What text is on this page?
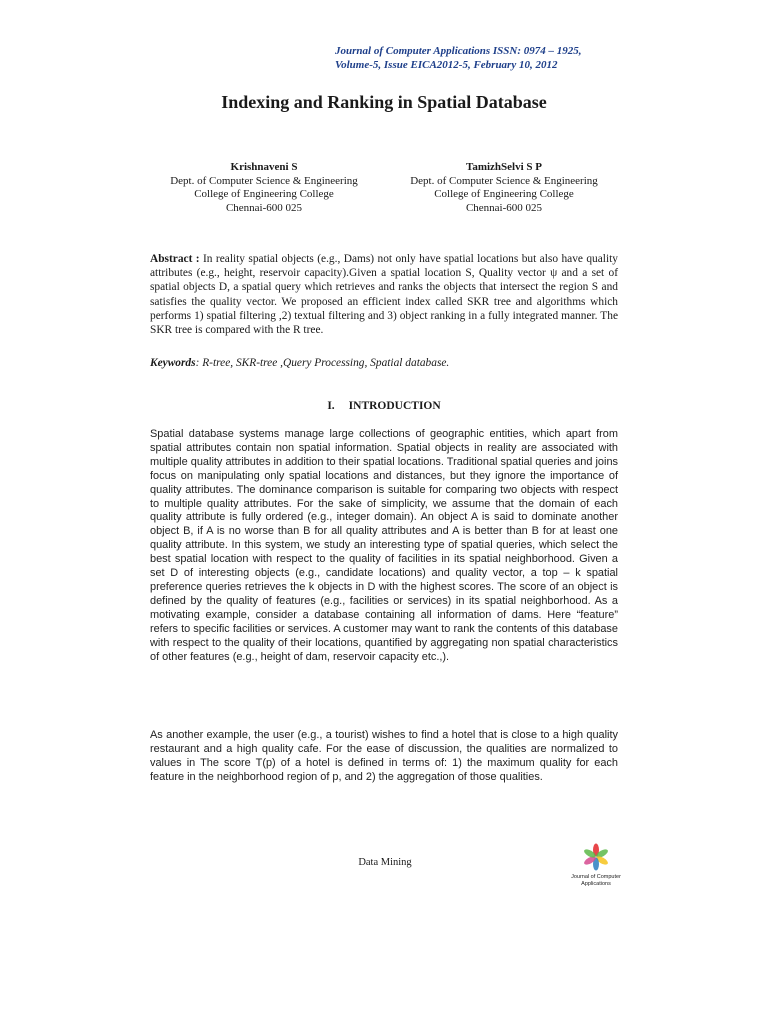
Journal of Computer Applications ISSN: 0974 – 1925,
Volume-5, Issue EICA2012-5, February 10, 2012
Indexing and Ranking in Spatial Database
Krishnaveni S
Dept. of Computer Science & Engineering
College of Engineering College
Chennai-600 025
TamizhSelvi S P
Dept. of Computer Science & Engineering
College of Engineering College
Chennai-600 025

Abstract : In reality spatial objects (e.g., Dams) not only have spatial locations but also have quality attributes (e.g., height, reservoir capacity).Given a spatial location S, Quality vector ψ and a set of spatial objects D, a spatial query which retrieves and ranks the objects that intersect the region S and satisfies the quality vector. We proposed an efficient index called SKR tree and algorithms which performs 1) spatial filtering ,2) textual filtering and 3) object ranking in a fully integrated manner. The SKR tree is compared with the R tree.

Keywords: R-tree, SKR-tree ,Query Processing, Spatial database.

I. INTRODUCTION

Spatial database systems manage large collections of geographic entities, which apart from spatial attributes contain non spatial information. Spatial objects in reality are associated with multiple quality attributes in addition to their spatial locations. Traditional spatial queries and joins focus on manipulating only spatial locations and distances, but they ignore the importance of quality attributes. The dominance comparison is suitable for comparing two objects with respect to multiple quality attributes. For the sake of simplicity, we assume that the domain of each quality attribute is fully ordered (e.g., integer domain). An object A is said to dominate another object B, if A is no worse than B for all quality attributes and A is better than B for at least one quality attribute. In this system, we study an interesting type of spatial queries, which select the best spatial location with respect to the quality of facilities in its spatial neighborhood. Given a set D of interesting objects (e.g., candidate locations) and quality vector, a top – k spatial preference queries retrieves the k objects in D with the highest scores. The score of an object is defined by the quality of features (e.g., facilities or services) in its spatial neighborhood. As a motivating example, consider a database containing all information of dams. Here “feature” refers to specific facilities or services. A customer may want to rank the contents of this database with respect to the quality of their locations, quantified by aggregating non spatial characteristics of other features (e.g., height of dam, reservoir capacity etc.,).

As another example, the user (e.g., a tourist) wishes to find a hotel that is close to a high quality restaurant and a high quality cafe. For the ease of discussion, the qualities are normalized to values in The score T(p) of a hotel is defined in terms of: 1) the maximum quality for each feature in the neighborhood region of p, and 2) the aggregation of those qualities.

Data Mining
Journal of Computer
Applications
